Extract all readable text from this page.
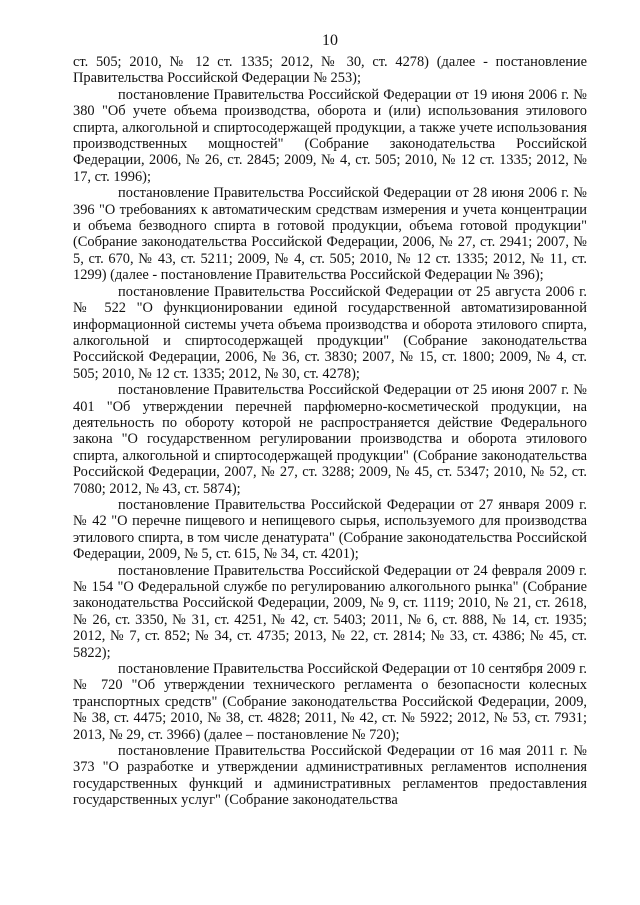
10

ст. 505; 2010, № 12 ст. 1335; 2012, № 30, ст. 4278) (далее - постановление Правительства Российской Федерации № 253);

постановление Правительства Российской Федерации от 19 июня 2006 г. № 380 "Об учете объема производства, оборота и (или) использования этилового спирта, алкогольной и спиртосодержащей продукции, а также учете использования производственных мощностей" (Собрание законодательства Российской Федерации, 2006, № 26, ст. 2845; 2009, № 4, ст. 505; 2010, № 12 ст. 1335; 2012, № 17, ст. 1996);

постановление Правительства Российской Федерации от 28 июня 2006 г. № 396 "О требованиях к автоматическим средствам измерения и учета концентрации и объема безводного спирта в готовой продукции, объема готовой продукции" (Собрание законодательства Российской Федерации, 2006, № 27, ст. 2941; 2007, № 5, ст. 670, № 43, ст. 5211; 2009, № 4, ст. 505; 2010, № 12 ст. 1335; 2012, № 11, ст. 1299) (далее - постановление Правительства Российской Федерации № 396);

постановление Правительства Российской Федерации от 25 августа 2006 г. № 522 "О функционировании единой государственной автоматизированной информационной системы учета объема производства и оборота этилового спирта, алкогольной и спиртосодержащей продукции" (Собрание законодательства Российской Федерации, 2006, № 36, ст. 3830; 2007, № 15, ст. 1800; 2009, № 4, ст. 505; 2010, № 12 ст. 1335; 2012, № 30, ст. 4278);

постановление Правительства Российской Федерации от 25 июня 2007 г. № 401 "Об утверждении перечней парфюмерно-косметической продукции, на деятельность по обороту которой не распространяется действие Федерального закона "О государственном регулировании производства и оборота этилового спирта, алкогольной и спиртосодержащей продукции" (Собрание законодательства Российской Федерации, 2007, № 27, ст. 3288; 2009, № 45, ст. 5347; 2010, № 52, ст. 7080; 2012, № 43, ст. 5874);

постановление Правительства Российской Федерации от 27 января 2009 г. № 42 "О перечне пищевого и непищевого сырья, используемого для производства этилового спирта, в том числе денатурата" (Собрание законодательства Российской Федерации, 2009, № 5, ст. 615, № 34, ст. 4201);

постановление Правительства Российской Федерации от 24 февраля 2009 г. № 154 "О Федеральной службе по регулированию алкогольного рынка" (Собрание законодательства Российской Федерации, 2009, № 9, ст. 1119; 2010, № 21, ст. 2618, № 26, ст. 3350, № 31, ст. 4251, № 42, ст. 5403; 2011, № 6, ст. 888, № 14, ст. 1935; 2012, № 7, ст. 852; № 34, ст. 4735; 2013, № 22, ст. 2814; № 33, ст. 4386; № 45, ст. 5822);

постановление Правительства Российской Федерации от 10 сентября 2009 г. № 720 "Об утверждении технического регламента о безопасности колесных транспортных средств" (Собрание законодательства Российской Федерации, 2009, № 38, ст. 4475; 2010, № 38, ст. 4828; 2011, № 42, ст. № 5922; 2012, № 53, ст. 7931; 2013, № 29, ст. 3966) (далее – постановление № 720);

постановление Правительства Российской Федерации от 16 мая 2011 г. № 373 "О разработке и утверждении административных регламентов исполнения государственных функций и административных регламентов предоставления государственных услуг" (Собрание законодательства
